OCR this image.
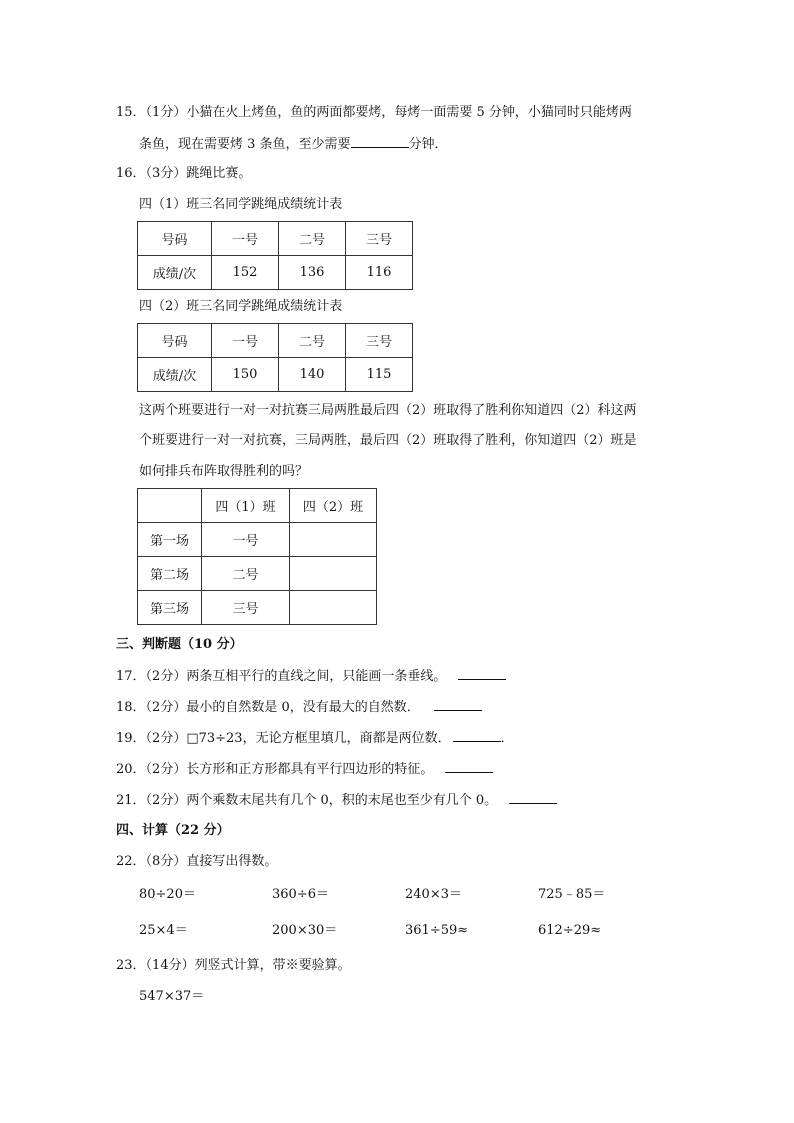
15．（1分）小猫在火上烤鱼，鱼的两面都要烤，每烤一面需要 5 分钟，小猫同时只能烤两
条鱼，现在需要烤 3 条鱼，至少需要	分钟．
16．（3分）跳绳比赛。
四（1）班三名同学跳绳成绩统计表
号码	一号	二号	三号
成绩/次	152	136	116
四（2）班三名同学跳绳成绩统计表
号码	一号	二号	三号
成绩/次	150	140	115
这两个班要进行一对一对抗赛三局两胜最后四（2）班取得了胜利你知道四（2）科这两
个班要进行一对一对抗赛，三局两胜，最后四（2）班取得了胜利，你知道四（2）班是
如何排兵布阵取得胜利的吗？
	四（1）班	四（2）班
第一场	一号	
第二场	二号	
第三场	三号	
三、判断题（10 分）
17．（2分）两条互相平行的直线之间，只能画一条垂线。
18．（2分）最小的自然数是 0，没有最大的自然数．
19．（2分）□73÷23，无论方框里填几，商都是两位数．	．
20．（2分）长方形和正方形都具有平行四边形的特征。
21．（2分）两个乘数末尾共有几个 0，积的末尾也至少有几个 0。
四、计算（22 分）
22．（8分）直接写出得数。
80÷20＝	360÷6＝	240×3＝	725﹣85＝
25×4＝	200×30＝	361÷59≈	612÷29≈
23．（14分）列竖式计算，带※要验算。
547×37＝
